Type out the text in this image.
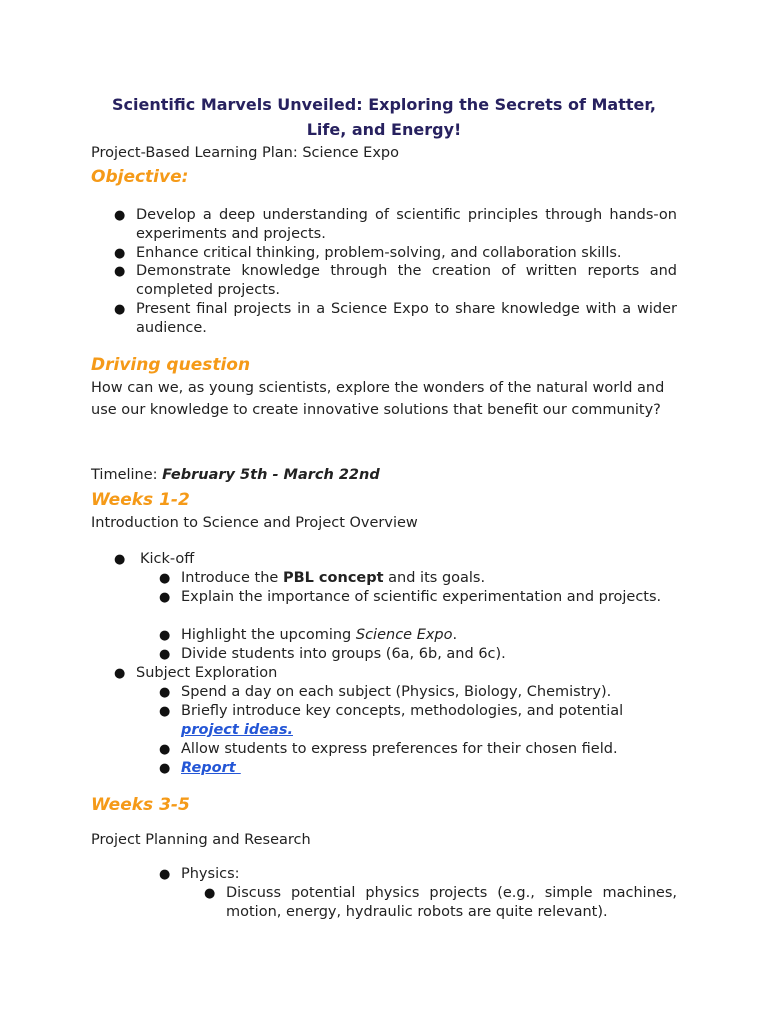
Scientific Marvels Unveiled: Exploring the Secrets of Matter,
Life, and Energy!
Project-Based Learning Plan: Science Expo
Objective:
● Develop a deep understanding of scientific principles through hands-on experiments and projects.
● Enhance critical thinking, problem-solving, and collaboration skills.
● Demonstrate knowledge through the creation of written reports and completed projects.
● Present final projects in a Science Expo to share knowledge with a wider audience.
Driving question
How can we, as young scientists, explore the wonders of the natural world and use our knowledge to create innovative solutions that benefit our community?
Timeline: February 5th - March 22nd
Weeks 1-2
Introduction to Science and Project Overview
● Kick-off
● Introduce the PBL concept and its goals.
● Explain the importance of scientific experimentation and projects.
● Highlight the upcoming Science Expo.
● Divide students into groups (6a, 6b, and 6c).
● Subject Exploration
● Spend a day on each subject (Physics, Biology, Chemistry).
● Briefly introduce key concepts, methodologies, and potential
project ideas.
● Allow students to express preferences for their chosen field.
● Report
Weeks 3-5
Project Planning and Research
● Physics:
● Discuss potential physics projects (e.g., simple machines, motion, energy, hydraulic robots are quite relevant).
